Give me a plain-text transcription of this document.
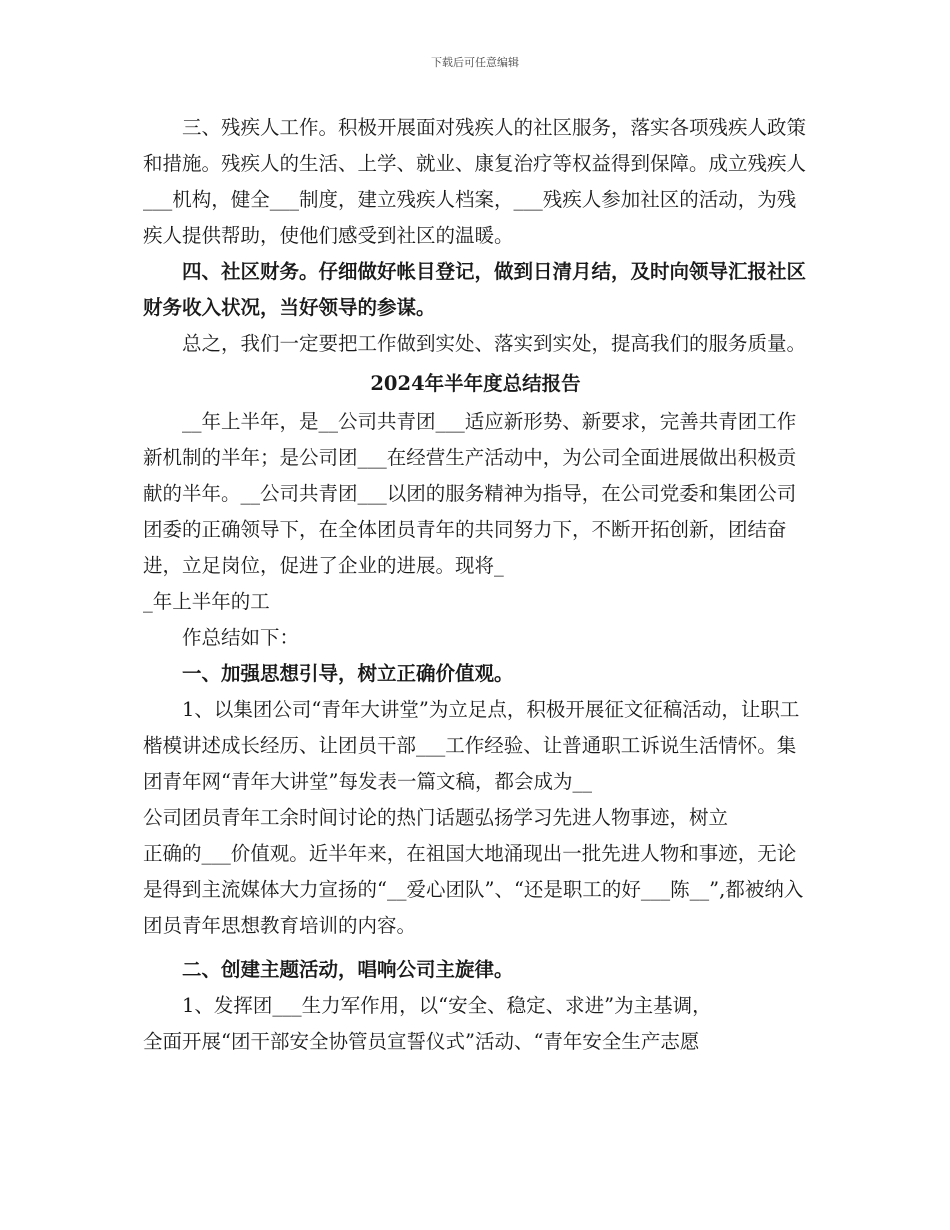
下载后可任意编辑

三、残疾人工作。积极开展面对残疾人的社区服务，落实各项残疾人政策和措施。残疾人的生活、上学、就业、康复治疗等权益得到保障。成立残疾人___机构，健全___制度，建立残疾人档案，___残疾人参加社区的活动，为残疾人提供帮助，使他们感受到社区的温暖。

四、社区财务。仔细做好帐目登记，做到日清月结，及时向领导汇报社区财务收入状况，当好领导的参谋。

总之，我们一定要把工作做到实处、落实到实处，提高我们的服务质量。

2024年半年度总结报告

__年上半年，是__公司共青团___适应新形势、新要求，完善共青团工作新机制的半年；是公司团___在经营生产活动中，为公司全面进展做出积极贡献的半年。__公司共青团___以团的服务精神为指导，在公司党委和集团公司团委的正确领导下，在全体团员青年的共同努力下，不断开拓创新，团结奋进，立足岗位，促进了企业的进展。现将_

_年上半年的工

作总结如下：

一、加强思想引导，树立正确价值观。

1、以集团公司“青年大讲堂”为立足点，积极开展征文征稿活动，让职工楷模讲述成长经历、让团员干部___工作经验、让普通职工诉说生活情怀。集团青年网“青年大讲堂”每发表一篇文稿，都会成为__

公司团员青年工余时间讨论的热门话题弘扬学习先进人物事迹，树立

正确的___价值观。近半年来，在祖国大地涌现出一批先进人物和事迹，无论是得到主流媒体大力宣扬的“__爱心团队”、“还是职工的好___陈__”,都被纳入团员青年思想教育培训的内容。

二、创建主题活动，唱响公司主旋律。

1、发挥团___生力军作用，以“安全、稳定、求进”为主基调，

全面开展“团干部安全协管员宣誓仪式”活动、“青年安全生产志愿
